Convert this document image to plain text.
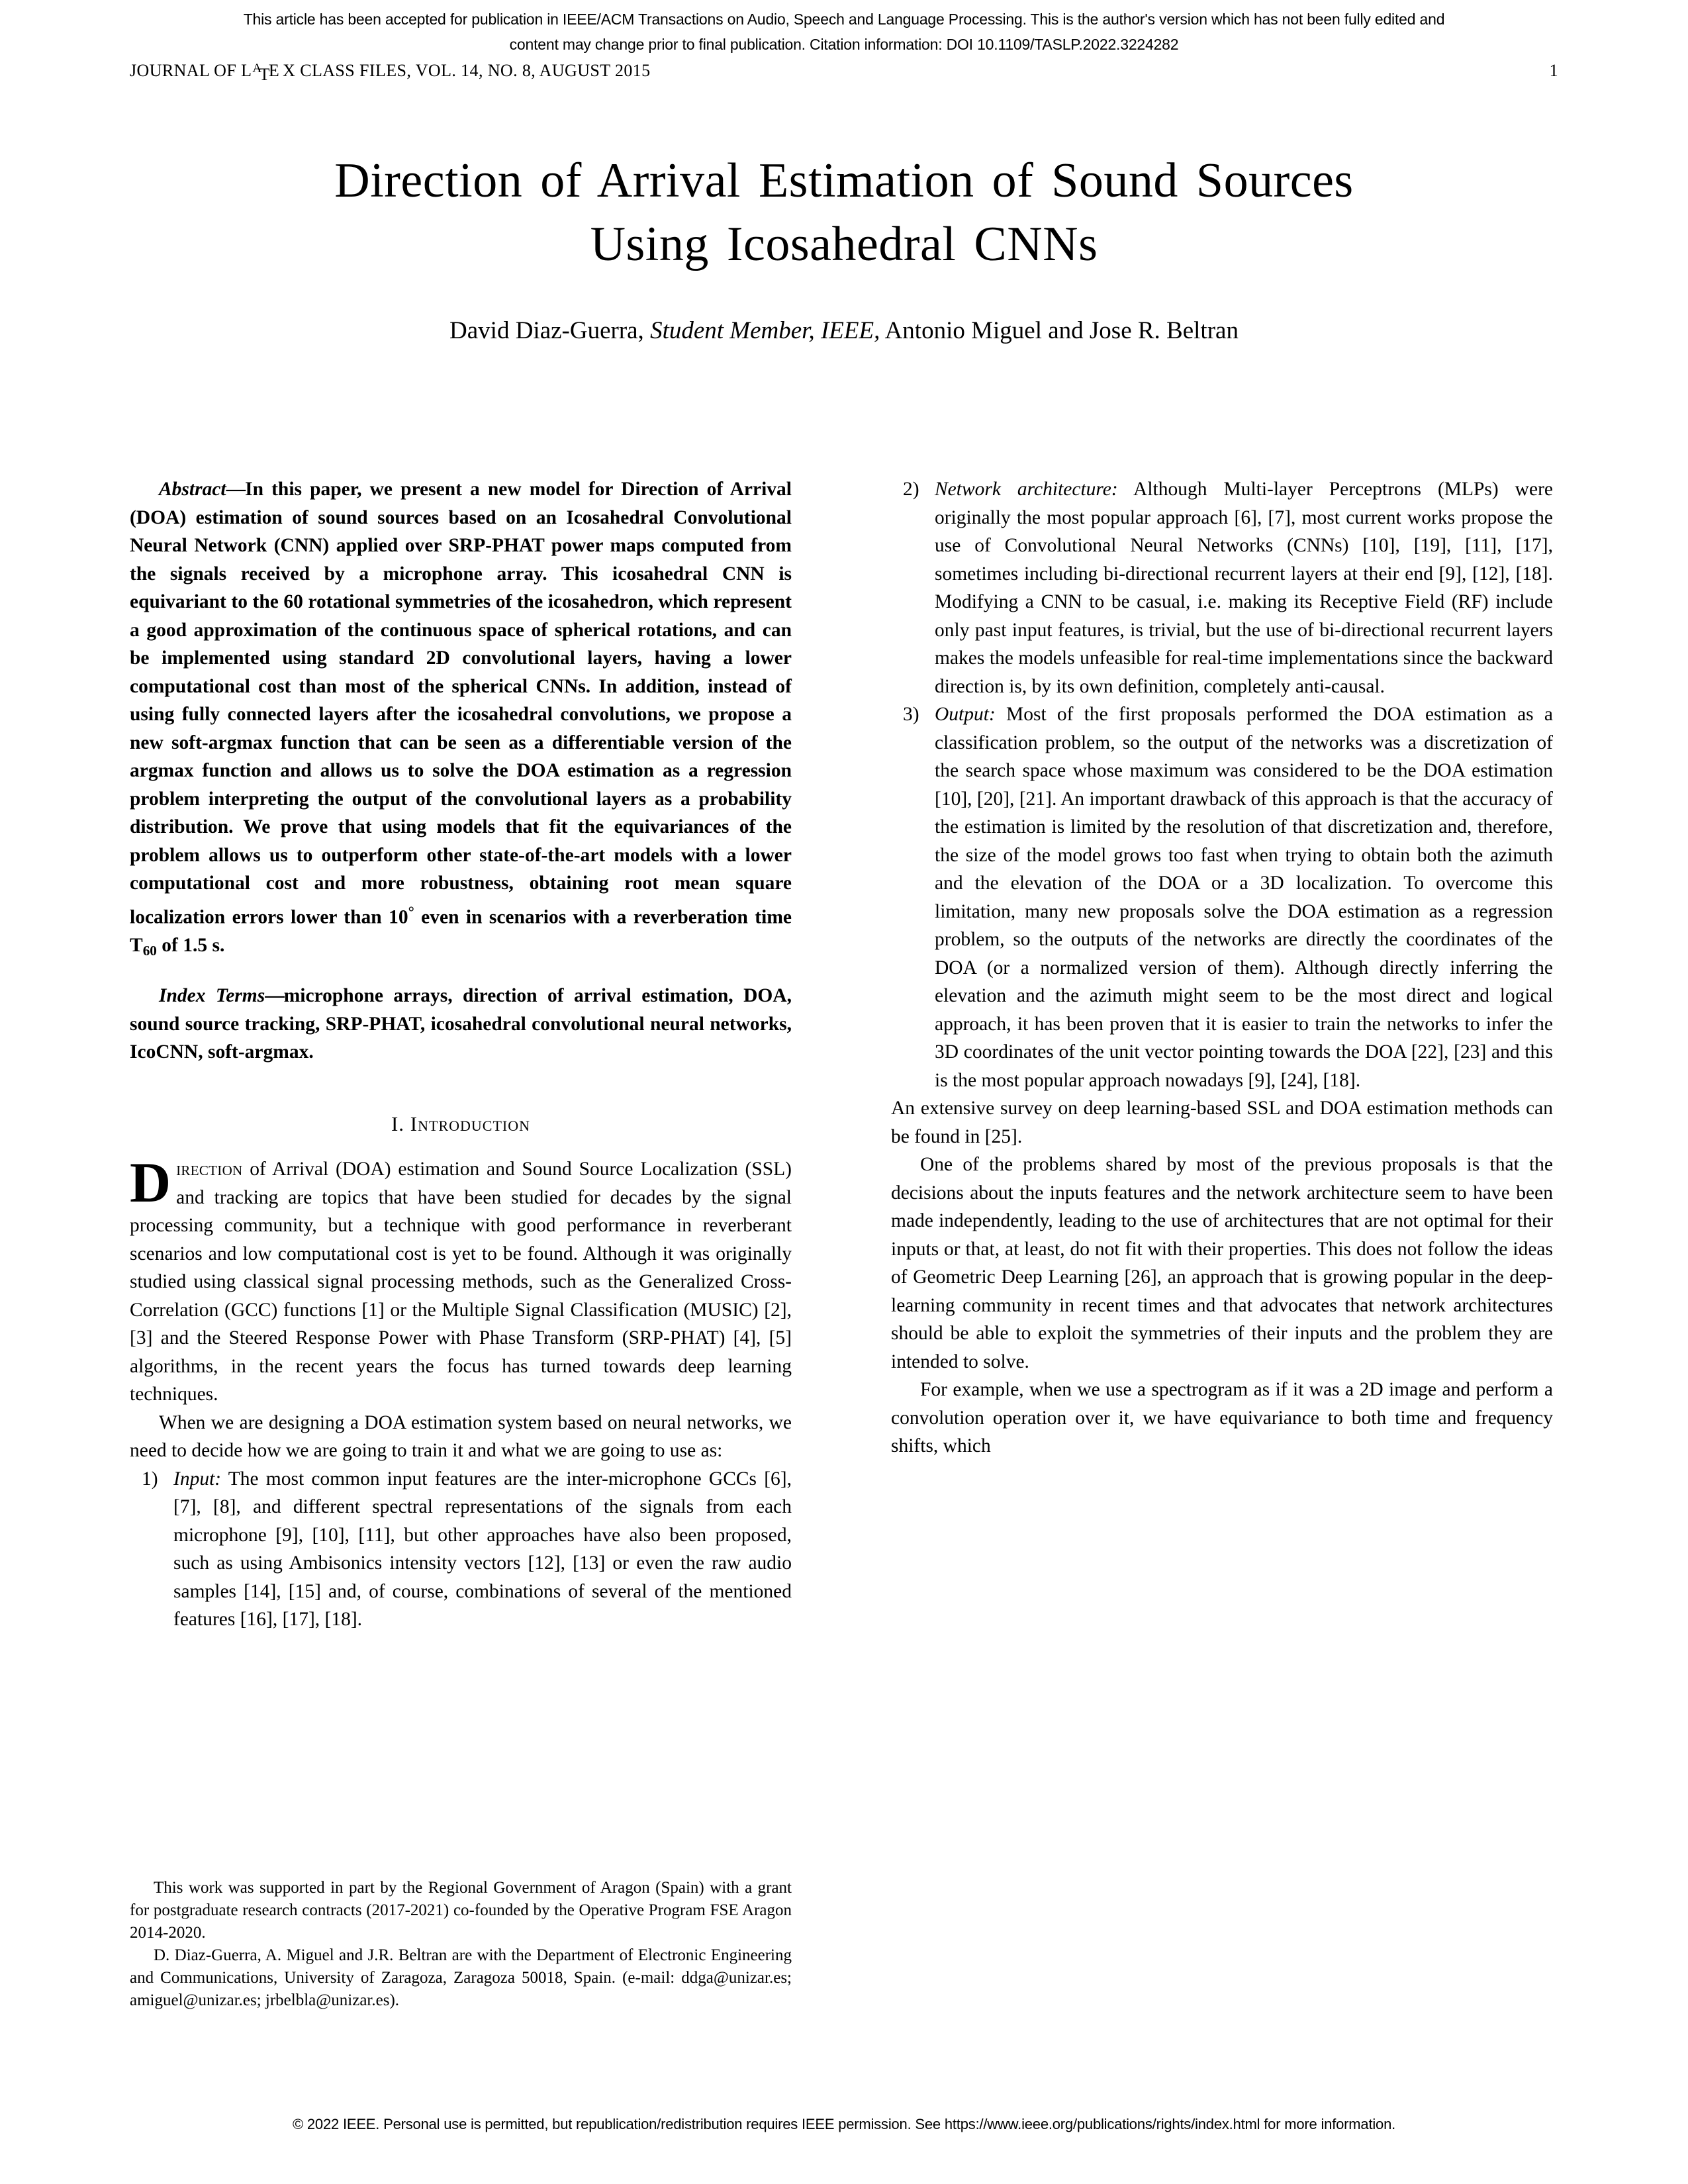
This article has been accepted for publication in IEEE/ACM Transactions on Audio, Speech and Language Processing. This is the author's version which has not been fully edited and
content may change prior to final publication. Citation information: DOI 10.1109/TASLP.2022.3224282
JOURNAL OF $L^ATE$ X CLASS FILES, VOL. 14, NO. 8, AUGUST 2015	1
Direction of Arrival Estimation of Sound Sources
Using Icosahedral CNNs
David Diaz-Guerra, Student Member, IEEE, Antonio Miguel and Jose R. Beltran

Abstract—In this paper, we present a new model for Direction of Arrival (DOA) estimation of sound sources based on an Icosahedral Convolutional Neural Network (CNN) applied over SRP-PHAT power maps computed from the signals received by a microphone array. This icosahedral CNN is equivariant to the 60 rotational symmetries of the icosahedron, which represent a good approximation of the continuous space of spherical rotations, and can be implemented using standard 2D convolutional layers, having a lower computational cost than most of the spherical CNNs. In addition, instead of using fully connected layers after the icosahedral convolutions, we propose a new soft-argmax function that can be seen as a differentiable version of the argmax function and allows us to solve the DOA estimation as a regression problem interpreting the output of the convolutional layers as a probability distribution. We prove that using models that fit the equivariances of the problem allows us to outperform other state-of-the-art models with a lower computational cost and more robustness, obtaining root mean square localization errors lower than 10° even in scenarios with a reverberation time $T_{60}$ of 1.5 s.

Index Terms—microphone arrays, direction of arrival estimation, DOA, sound source tracking, SRP-PHAT, icosahedral convolutional neural networks, IcoCNN, soft-argmax.

I. Introduction

Direction of Arrival (DOA) estimation and Sound Source Localization (SSL) and tracking are topics that have been studied for decades by the signal processing community, but a technique with good performance in reverberant scenarios and low computational cost is yet to be found. Although it was originally studied using classical signal processing methods, such as the Generalized Cross-Correlation (GCC) functions [1] or the Multiple Signal Classification (MUSIC) [2], [3] and the Steered Response Power with Phase Transform (SRP-PHAT) [4], [5] algorithms, in the recent years the focus has turned towards deep learning techniques.

When we are designing a DOA estimation system based on neural networks, we need to decide how we are going to train it and what we are going to use as:

1) Input: The most common input features are the inter-microphone GCCs [6], [7], [8], and different spectral representations of the signals from each microphone [9], [10], [11], but other approaches have also been proposed, such as using Ambisonics intensity vectors [12], [13] or even the raw audio samples [14], [15] and, of course, combinations of several of the mentioned features [16], [17], [18].
2) Network architecture: Although Multi-layer Perceptrons (MLPs) were originally the most popular approach [6], [7], most current works propose the use of Convolutional Neural Networks (CNNs) [10], [19], [11], [17], sometimes including bi-directional recurrent layers at their end [9], [12], [18]. Modifying a CNN to be casual, i.e. making its Receptive Field (RF) include only past input features, is trivial, but the use of bi-directional recurrent layers makes the models unfeasible for real-time implementations since the backward direction is, by its own definition, completely anti-causal.
3) Output: Most of the first proposals performed the DOA estimation as a classification problem, so the output of the networks was a discretization of the search space whose maximum was considered to be the DOA estimation [10], [20], [21]. An important drawback of this approach is that the accuracy of the estimation is limited by the resolution of that discretization and, therefore, the size of the model grows too fast when trying to obtain both the azimuth and the elevation of the DOA or a 3D localization. To overcome this limitation, many new proposals solve the DOA estimation as a regression problem, so the outputs of the networks are directly the coordinates of the DOA (or a normalized version of them). Although directly inferring the elevation and the azimuth might seem to be the most direct and logical approach, it has been proven that it is easier to train the networks to infer the 3D coordinates of the unit vector pointing towards the DOA [22], [23] and this is the most popular approach nowadays [9], [24], [18].

An extensive survey on deep learning-based SSL and DOA estimation methods can be found in [25].

One of the problems shared by most of the previous proposals is that the decisions about the inputs features and the network architecture seem to have been made independently, leading to the use of architectures that are not optimal for their inputs or that, at least, do not fit with their properties. This does not follow the ideas of Geometric Deep Learning [26], an approach that is growing popular in the deep-learning community in recent times and that advocates that network architectures should be able to exploit the symmetries of their inputs and the problem they are intended to solve.

For example, when we use a spectrogram as if it was a 2D image and perform a convolution operation over it, we have equivariance to both time and frequency shifts, which

This work was supported in part by the Regional Government of Aragon (Spain) with a grant for postgraduate research contracts (2017-2021) co-founded by the Operative Program FSE Aragon 2014-2020.

D. Diaz-Guerra, A. Miguel and J.R. Beltran are with the Department of Electronic Engineering and Communications, University of Zaragoza, Zaragoza 50018, Spain. (e-mail: ddga@unizar.es; amiguel@unizar.es; jrbelbla@unizar.es).

© 2022 IEEE. Personal use is permitted, but republication/redistribution requires IEEE permission. See https://www.ieee.org/publications/rights/index.html for more information.
